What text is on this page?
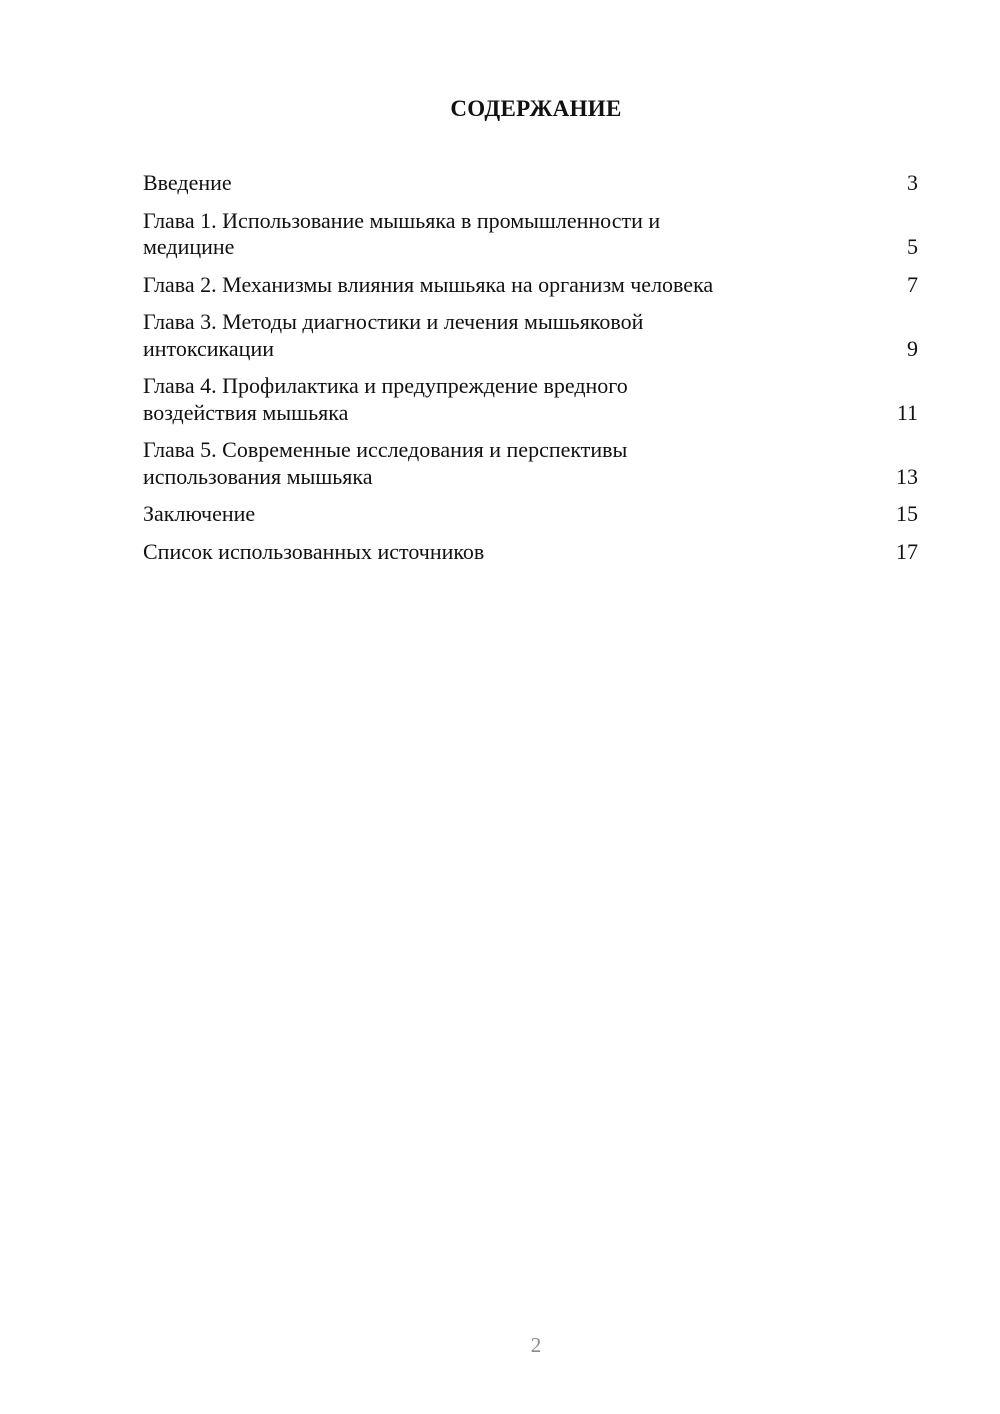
СОДЕРЖАНИЕ
Введение	3
Глава 1. Использование мышьяка в промышленности и
медицине	5
Глава 2. Механизмы влияния мышьяка на организм человека	7
Глава 3. Методы диагностики и лечения мышьяковой
интоксикации	9
Глава 4. Профилактика и предупреждение вредного
воздействия мышьяка	11
Глава 5. Современные исследования и перспективы
использования мышьяка	13
Заключение	15
Список использованных источников	17
2
